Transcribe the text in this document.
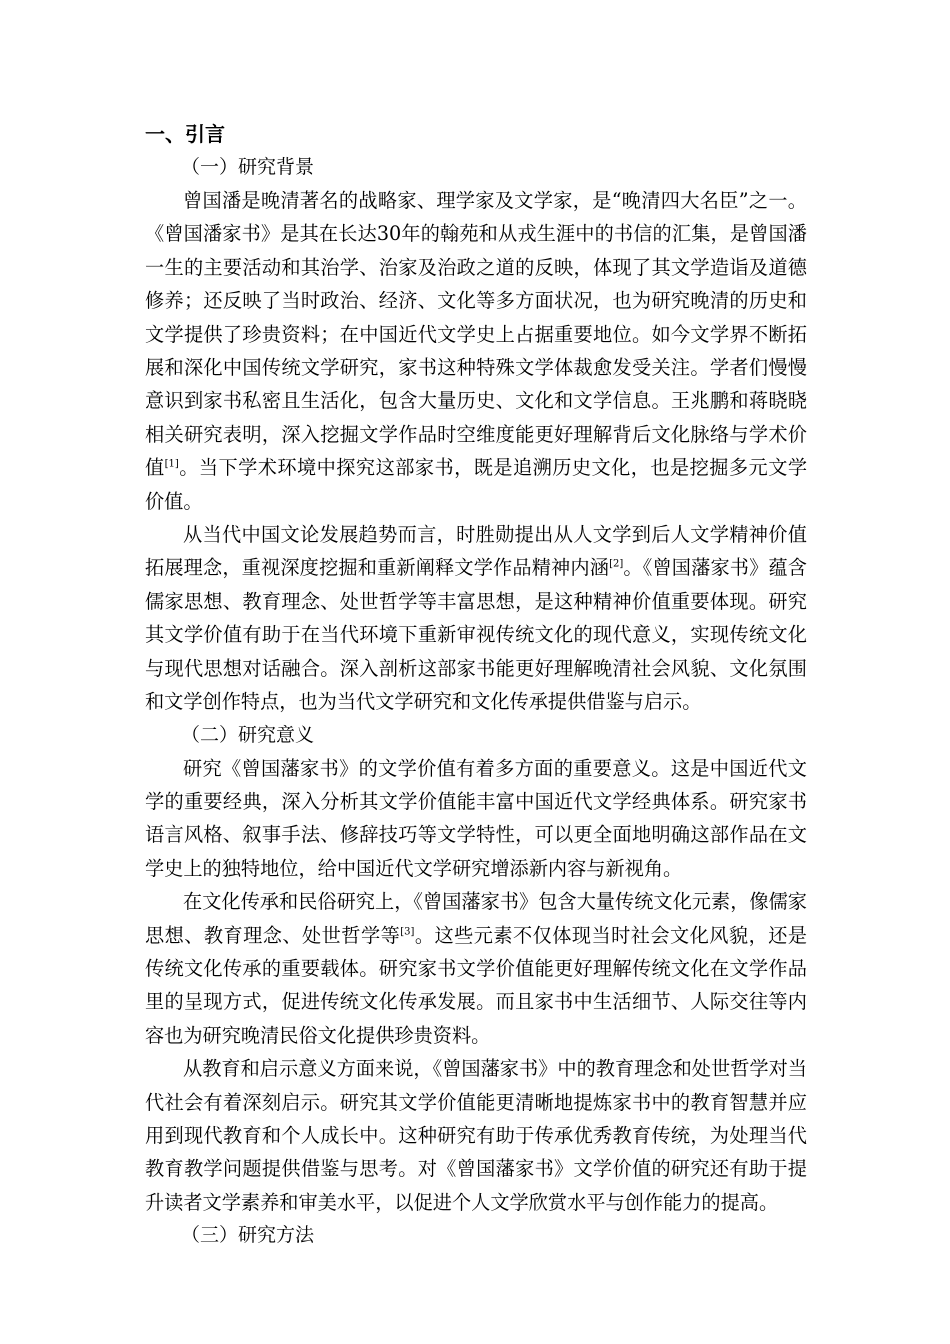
一、引言
（一）研究背景

曾国潘是晚清著名的战略家、理学家及文学家，是“晚清四大名臣”之一。《曾国潘家书》是其在长达30年的翰苑和从戎生涯中的书信的汇集，是曾国潘一生的主要活动和其治学、治家及治政之道的反映，体现了其文学造诣及道德修养；还反映了当时政治、经济、文化等多方面状况，也为研究晚清的历史和文学提供了珍贵资料；在中国近代文学史上占据重要地位。如今文学界不断拓展和深化中国传统文学研究，家书这种特殊文学体裁愈发受关注。学者们慢慢意识到家书私密且生活化，包含大量历史、文化和文学信息。王兆鹏和蒋晓晓相关研究表明，深入挖掘文学作品时空维度能更好理解背后文化脉络与学术价值[1]。当下学术环境中探究这部家书，既是追溯历史文化，也是挖掘多元文学价值。

从当代中国文论发展趋势而言，时胜勋提出从人文学到后人文学精神价值拓展理念，重视深度挖掘和重新阐释文学作品精神内涵[2]。《曾国藩家书》蕴含儒家思想、教育理念、处世哲学等丰富思想，是这种精神价值重要体现。研究其文学价值有助于在当代环境下重新审视传统文化的现代意义，实现传统文化与现代思想对话融合。深入剖析这部家书能更好理解晚清社会风貌、文化氛围和文学创作特点，也为当代文学研究和文化传承提供借鉴与启示。

（二）研究意义

研究《曾国藩家书》的文学价值有着多方面的重要意义。这是中国近代文学的重要经典，深入分析其文学价值能丰富中国近代文学经典体系。研究家书语言风格、叙事手法、修辞技巧等文学特性，可以更全面地明确这部作品在文学史上的独特地位，给中国近代文学研究增添新内容与新视角。

在文化传承和民俗研究上，《曾国藩家书》包含大量传统文化元素，像儒家思想、教育理念、处世哲学等[3]。这些元素不仅体现当时社会文化风貌，还是传统文化传承的重要载体。研究家书文学价值能更好理解传统文化在文学作品里的呈现方式，促进传统文化传承发展。而且家书中生活细节、人际交往等内容也为研究晚清民俗文化提供珍贵资料。

从教育和启示意义方面来说，《曾国藩家书》中的教育理念和处世哲学对当代社会有着深刻启示。研究其文学价值能更清晰地提炼家书中的教育智慧并应用到现代教育和个人成长中。这种研究有助于传承优秀教育传统，为处理当代教育教学问题提供借鉴与思考。对《曾国藩家书》文学价值的研究还有助于提升读者文学素养和审美水平，以促进个人文学欣赏水平与创作能力的提高。

（三）研究方法
